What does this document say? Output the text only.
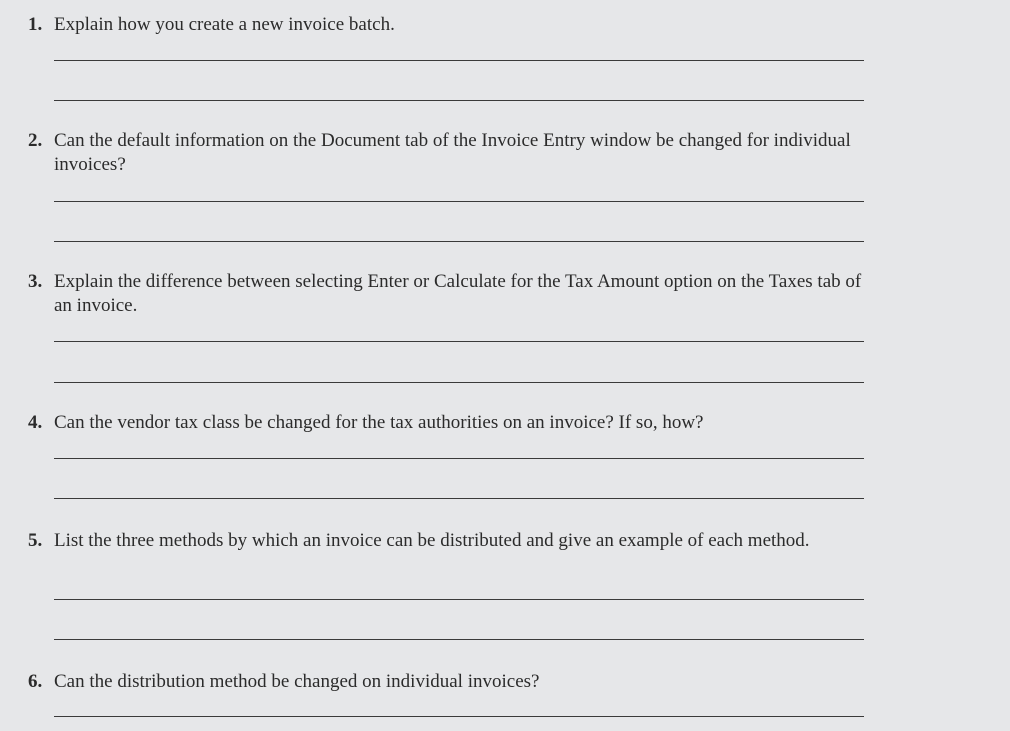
1. Explain how you create a new invoice batch.
2. Can the default information on the Document tab of the Invoice Entry window be changed for individual invoices?
3. Explain the difference between selecting Enter or Calculate for the Tax Amount option on the Taxes tab of an invoice.
4. Can the vendor tax class be changed for the tax authorities on an invoice? If so, how?
5. List the three methods by which an invoice can be distributed and give an example of each method.
6. Can the distribution method be changed on individual invoices?
